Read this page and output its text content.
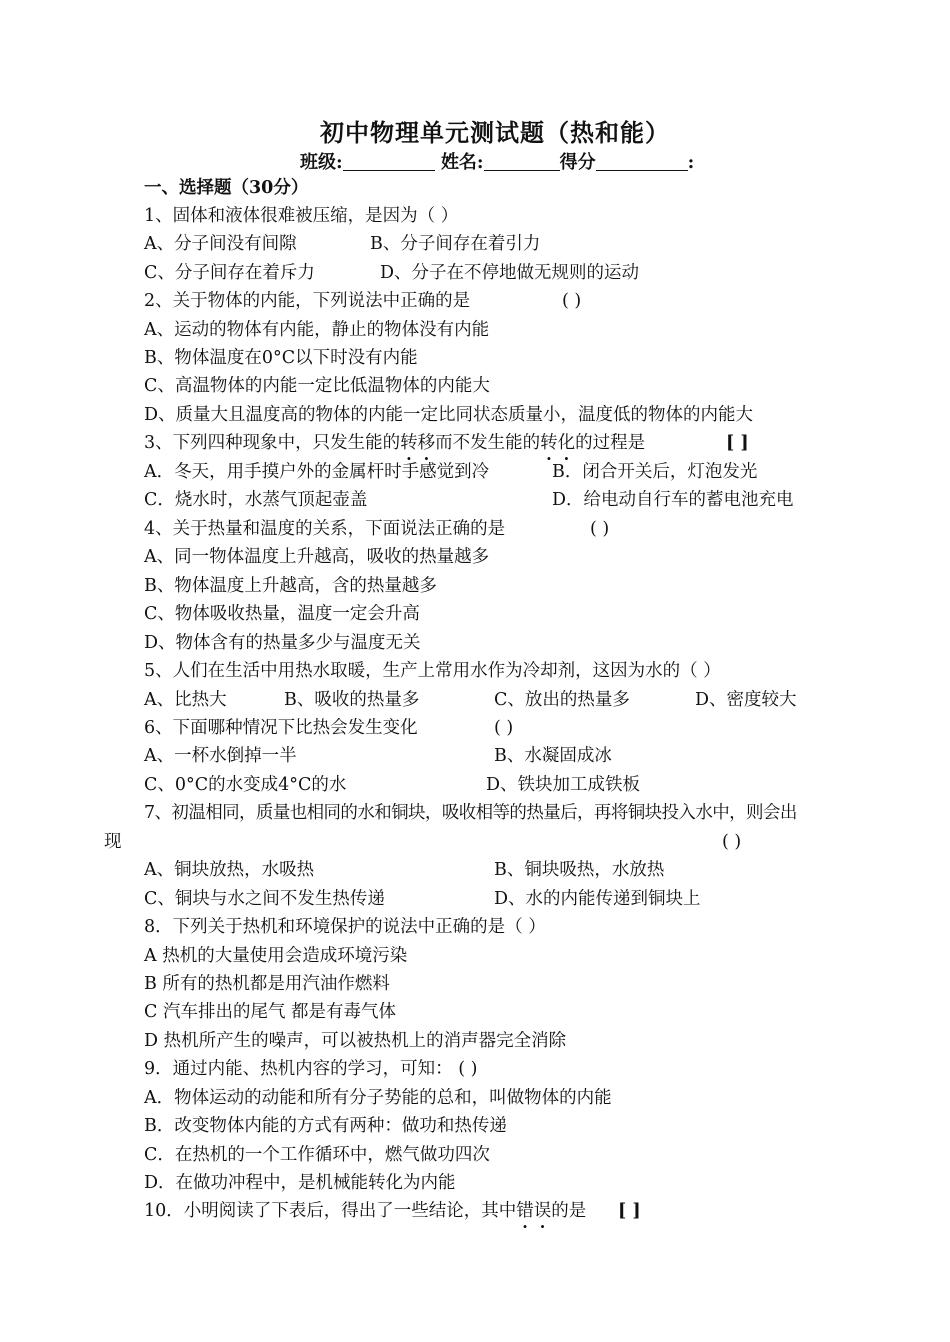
初中物理单元测试题（热和能）
班级:	姓名:	得分	:
一、选择题（30分）
1、固体和液体很难被压缩，是因为（ ）
A、分子间没有间隙	B、分子间存在着引力
C、分子间存在着斥力	D、分子在不停地做无规则的运动
2、关于物体的内能，下列说法中正确的是	( )
A、运动的物体有内能，静止的物体没有内能
B、物体温度在0°C以下时没有内能
C、高温物体的内能一定比低温物体的内能大
D、质量大且温度高的物体的内能一定比同状态质量小，温度低的物体的内能大
3、下列四种现象中，只发生能的转移而不发生能的转化的过程是	[ ]
A．冬天，用手摸户外的金属杆时手感觉到冷	B．闭合开关后，灯泡发光
C．烧水时，水蒸气顶起壶盖	D．给电动自行车的蓄电池充电
4、关于热量和温度的关系，下面说法正确的是	( )
A、同一物体温度上升越高，吸收的热量越多
B、物体温度上升越高，含的热量越多
C、物体吸收热量，温度一定会升高
D、物体含有的热量多少与温度无关
5、人们在生活中用热水取暖，生产上常用水作为冷却剂，这因为水的（ ）
A、比热大	B、吸收的热量多	C、放出的热量多	D、密度较大
6、下面哪种情况下比热会发生变化	( )
A、一杯水倒掉一半	B、水凝固成冰
C、0°C的水变成4°C的水	D、铁块加工成铁板
7、初温相同，质量也相同的水和铜块，吸收相等的热量后，再将铜块投入水中，则会出
现	( )
A、铜块放热，水吸热	B、铜块吸热，水放热
C、铜块与水之间不发生热传递	D、水的内能传递到铜块上
8．下列关于热机和环境保护的说法中正确的是（ ）
A 热机的大量使用会造成环境污染
B 所有的热机都是用汽油作燃料
C 汽车排出的尾气 都是有毒气体
D 热机所产生的噪声，可以被热机上的消声器完全消除
9．通过内能、热机内容的学习，可知： ( )
A．物体运动的动能和所有分子势能的总和，叫做物体的内能
B．改变物体内能的方式有两种：做功和热传递
C．在热机的一个工作循环中，燃气做功四次
D．在做功冲程中，是机械能转化为内能
10．小明阅读了下表后，得出了一些结论，其中错误的是 [ ]
